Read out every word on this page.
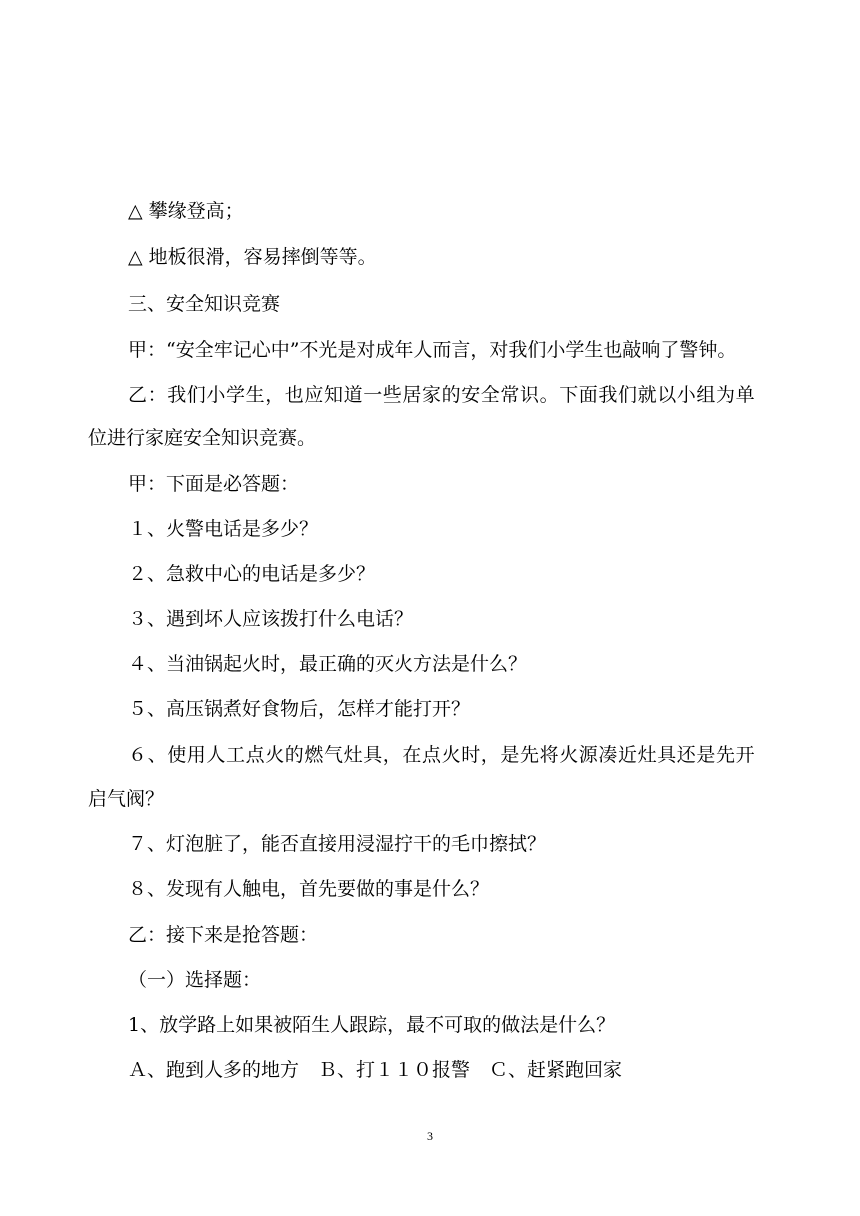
△ 攀缘登高；
△ 地板很滑，容易摔倒等等。
三、安全知识竞赛
甲：“安全牢记心中”不光是对成年人而言，对我们小学生也敲响了警钟。
乙：我们小学生，也应知道一些居家的安全常识。下面我们就以小组为单
位进行家庭安全知识竞赛。
甲：下面是必答题：
１、火警电话是多少？
２、急救中心的电话是多少？
３、遇到坏人应该拨打什么电话？
４、当油锅起火时，最正确的灭火方法是什么？
５、高压锅煮好食物后，怎样才能打开？
６、使用人工点火的燃气灶具，在点火时，是先将火源凑近灶具还是先开
启气阀？
７、灯泡脏了，能否直接用浸湿拧干的毛巾擦拭？
８、发现有人触电，首先要做的事是什么？
乙：接下来是抢答题：
（一）选择题：
1、放学路上如果被陌生人跟踪，最不可取的做法是什么？
Ａ、跑到人多的地方　Ｂ、打１１０报警　Ｃ、赶紧跑回家
3
